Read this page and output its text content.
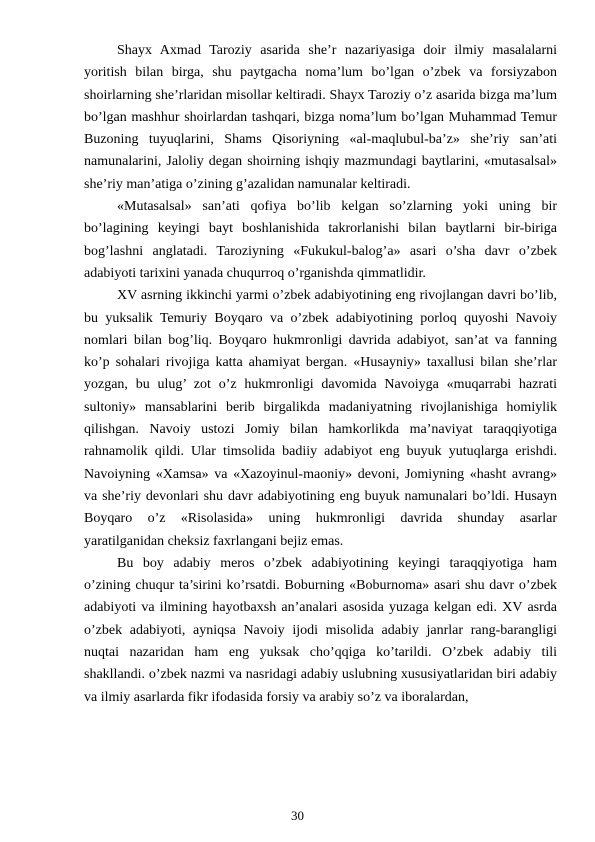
Shayx Axmad Taroziy asarida she’r nazariyasiga doir ilmiy masalalarni yoritish bilan birga, shu paytgacha noma’lum bo’lgan o’zbek va forsiyzabon shoirlarning she’rlaridan misollar keltiradi. Shayx Taroziy o’z asarida bizga ma’lum bo’lgan mashhur shoirlardan tashqari, bizga noma’lum bo’lgan Muhammad Temur Buzoning tuyuqlarini, Shams Qisoriyning «al-maqlubul-ba’z» she’riy san’ati namunalarini, Jaloliy degan shoirning ishqiy mazmundagi baytlarini, «mutasalsal» she’riy man’atiga o’zining g’azalidan namunalar keltiradi.

«Mutasalsal» san’ati qofiya bo’lib kelgan so’zlarning yoki uning bir bo’lagining keyingi bayt boshlanishida takrorlanishi bilan baytlarni bir-biriga bog’lashni anglatadi. Taroziyning «Fukukul-balog’a» asari o’sha davr o’zbek adabiyoti tarixini yanada chuqurroq o’rganishda qimmatlidir.

XV asrning ikkinchi yarmi o’zbek adabiyotining eng rivojlangan davri bo’lib, bu yuksalik Temuriy Boyqaro va o’zbek adabiyotining porloq quyoshi Navoiy nomlari bilan bog’liq. Boyqaro hukmronligi davrida adabiyot, san’at va fanning ko’p sohalari rivojiga katta ahamiyat bergan. «Husayniy» taxallusi bilan she’rlar yozgan, bu ulug’ zot o’z hukmronligi davomida Navoiyga «muqarrabi hazrati sultoniy» mansablarini berib birgalikda madaniyatning rivojlanishiga homiylik qilishgan. Navoiy ustozi Jomiy bilan hamkorlikda ma’naviyat taraqqiyotiga rahnamolik qildi. Ular timsolida badiiy adabiyot eng buyuk yutuqlarga erishdi. Navoiyning «Xamsa» va «Xazoyinul-maoniy» devoni, Jomiyning «hasht avrang» va she’riy devonlari shu davr adabiyotining eng buyuk namunalari bo’ldi. Husayn Boyqaro o’z «Risolasida» uning hukmronligi davrida shunday asarlar yaratilganidan cheksiz faxrlangani bejiz emas.

Bu boy adabiy meros o’zbek adabiyotining keyingi taraqqiyotiga ham o’zining chuqur ta’sirini ko’rsatdi. Boburning «Boburnoma» asari shu davr o’zbek adabiyoti va ilmining hayotbaxsh an’analari asosida yuzaga kelgan edi. XV asrda o’zbek adabiyoti, ayniqsa Navoiy ijodi misolida adabiy janrlar rang-barangligi nuqtai nazaridan ham eng yuksak cho’qqiga ko’tarildi. O’zbek adabiy tili shakllandi. o’zbek nazmi va nasridagi adabiy uslubning xususiyatlaridan biri adabiy va ilmiy asarlarda fikr ifodasida forsiy va arabiy so’z va iboralardan,

30
